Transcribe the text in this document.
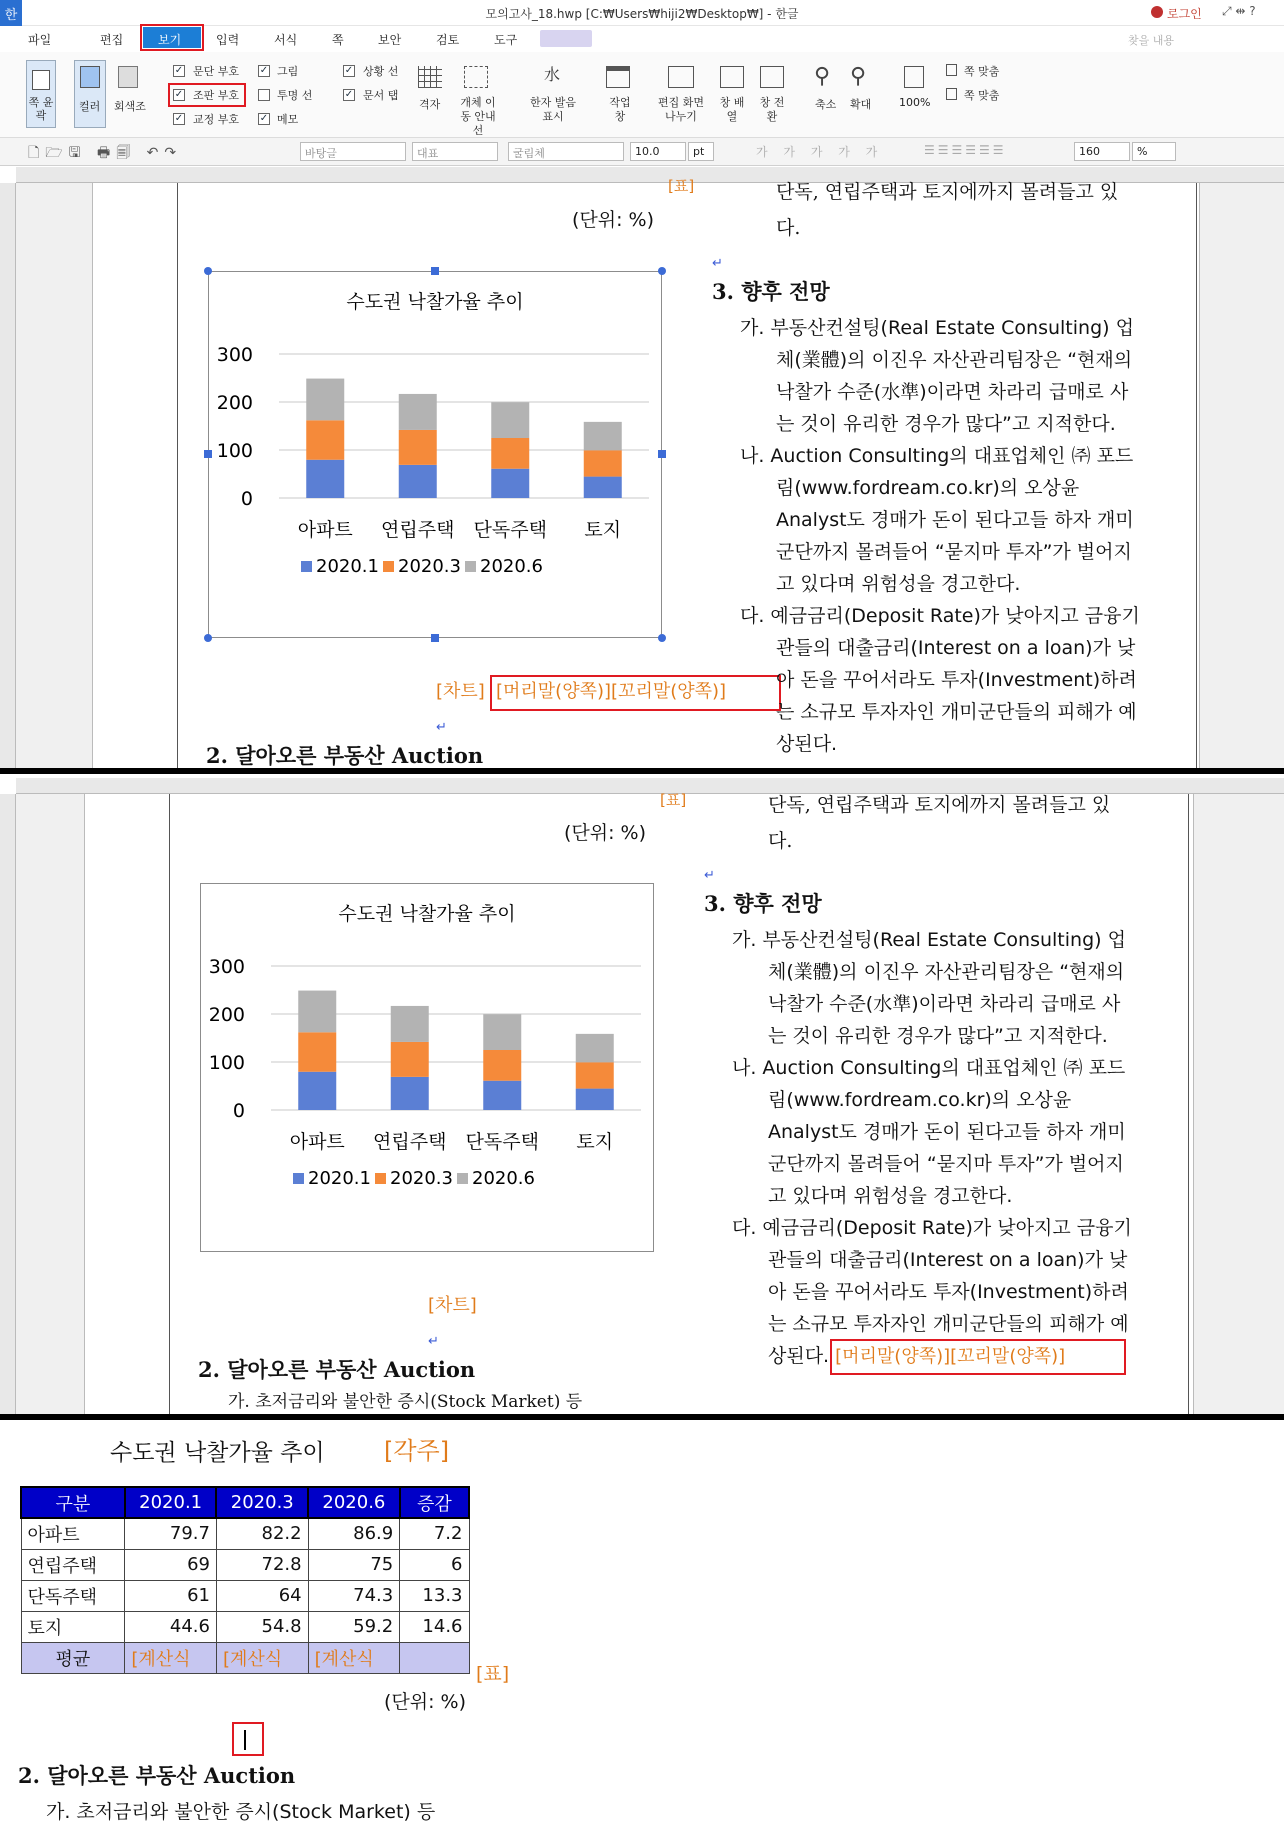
한	모의고사_18.hwp [C:₩Users₩hiji2₩Desktop₩] - 한글	로그인 ⤢ ⇹ ?
파일	편집	보기	입력	서식	쪽	보안	검토	도구	찾을 내용
쪽 윤곽
컬러 회색조
✓ 문단 부호
✓ 조판 부호
✓ 교정 부호
✓ 그림
투명 선
✓ 메모
✓ 상황 선
✓ 문서 탭
격자 개체 이동 안내선
水
한자 발음 표시
작업 창
편집 화면 나누기
창 배열
창 전환
⚲
축소
⚲
확대	100%
쪽 맞춤
쪽 맞춤
🗋🗁🖫 🖶🗐 ↶↷	바탕글	대표	굴림체	10.0	pt	가 가 가 가 가	☰☰☰☰☰☰	160	%
[표]
(단위: %)
단독, 연립주택과 토지에까지 몰려들고 있
다.
수도권 낙찰가율 추이
0
100
200
300
아파트 연립주택 단독주택 토지
2020.1 2020.3 2020.6
[차트] [머리말(양쪽)][꼬리말(양쪽)]
↵
2. 달아오른 부동산 Auction
↵
3. 향후 전망
가. 부동산컨설팅(Real Estate Consulting) 업
체(業體)의 이진우 자산관리팀장은 “현재의
낙찰가 수준(水準)이라면 차라리 급매로 사
는 것이 유리한 경우가 많다”고 지적한다.
나. Auction Consulting의 대표업체인 ㈜ 포드
림(www.fordream.co.kr)의 오상윤
Analyst도 경매가 돈이 된다고들 하자 개미
군단까지 몰려들어 “묻지마 투자”가 벌어지
고 있다며 위험성을 경고한다.
다. 예금금리(Deposit Rate)가 낮아지고 금융기
관들의 대출금리(Interest on a loan)가 낮
아 돈을 꾸어서라도 투자(Investment)하려
는 소규모 투자자인 개미군단들의 피해가 예
상된다.
[표]
(단위: %)
단독, 연립주택과 토지에까지 몰려들고 있
다.
수도권 낙찰가율 추이
0
100
200
300
아파트 연립주택 단독주택 토지
2020.1 2020.3 2020.6
[차트]
↵
2. 달아오른 부동산 Auction
가. 초저금리와 불안한 증시(Stock Market) 등
↵
3. 향후 전망
가. 부동산컨설팅(Real Estate Consulting) 업
체(業體)의 이진우 자산관리팀장은 “현재의
낙찰가 수준(水準)이라면 차라리 급매로 사
는 것이 유리한 경우가 많다”고 지적한다.
나. Auction Consulting의 대표업체인 ㈜ 포드
림(www.fordream.co.kr)의 오상윤
Analyst도 경매가 돈이 된다고들 하자 개미
군단까지 몰려들어 “묻지마 투자”가 벌어지
고 있다며 위험성을 경고한다.
다. 예금금리(Deposit Rate)가 낮아지고 금융기
관들의 대출금리(Interest on a loan)가 낮
아 돈을 꾸어서라도 투자(Investment)하려
는 소규모 투자자인 개미군단들의 피해가 예
상된다. [머리말(양쪽)][꼬리말(양쪽)]
수도권 낙찰가율 추이 [각주]
구분	2020.1	2020.3	2020.6	증감
아파트	79.7	82.2	86.9	7.2
연립주택	69	72.8	75	6
단독주택	61	64	74.3	13.3
토지	44.6	54.8	59.2	14.6
평균	[계산식	[계산식	[계산식	
[표]
(단위: %)
2. 달아오른 부동산 Auction
가. 초저금리와 불안한 증시(Stock Market) 등
